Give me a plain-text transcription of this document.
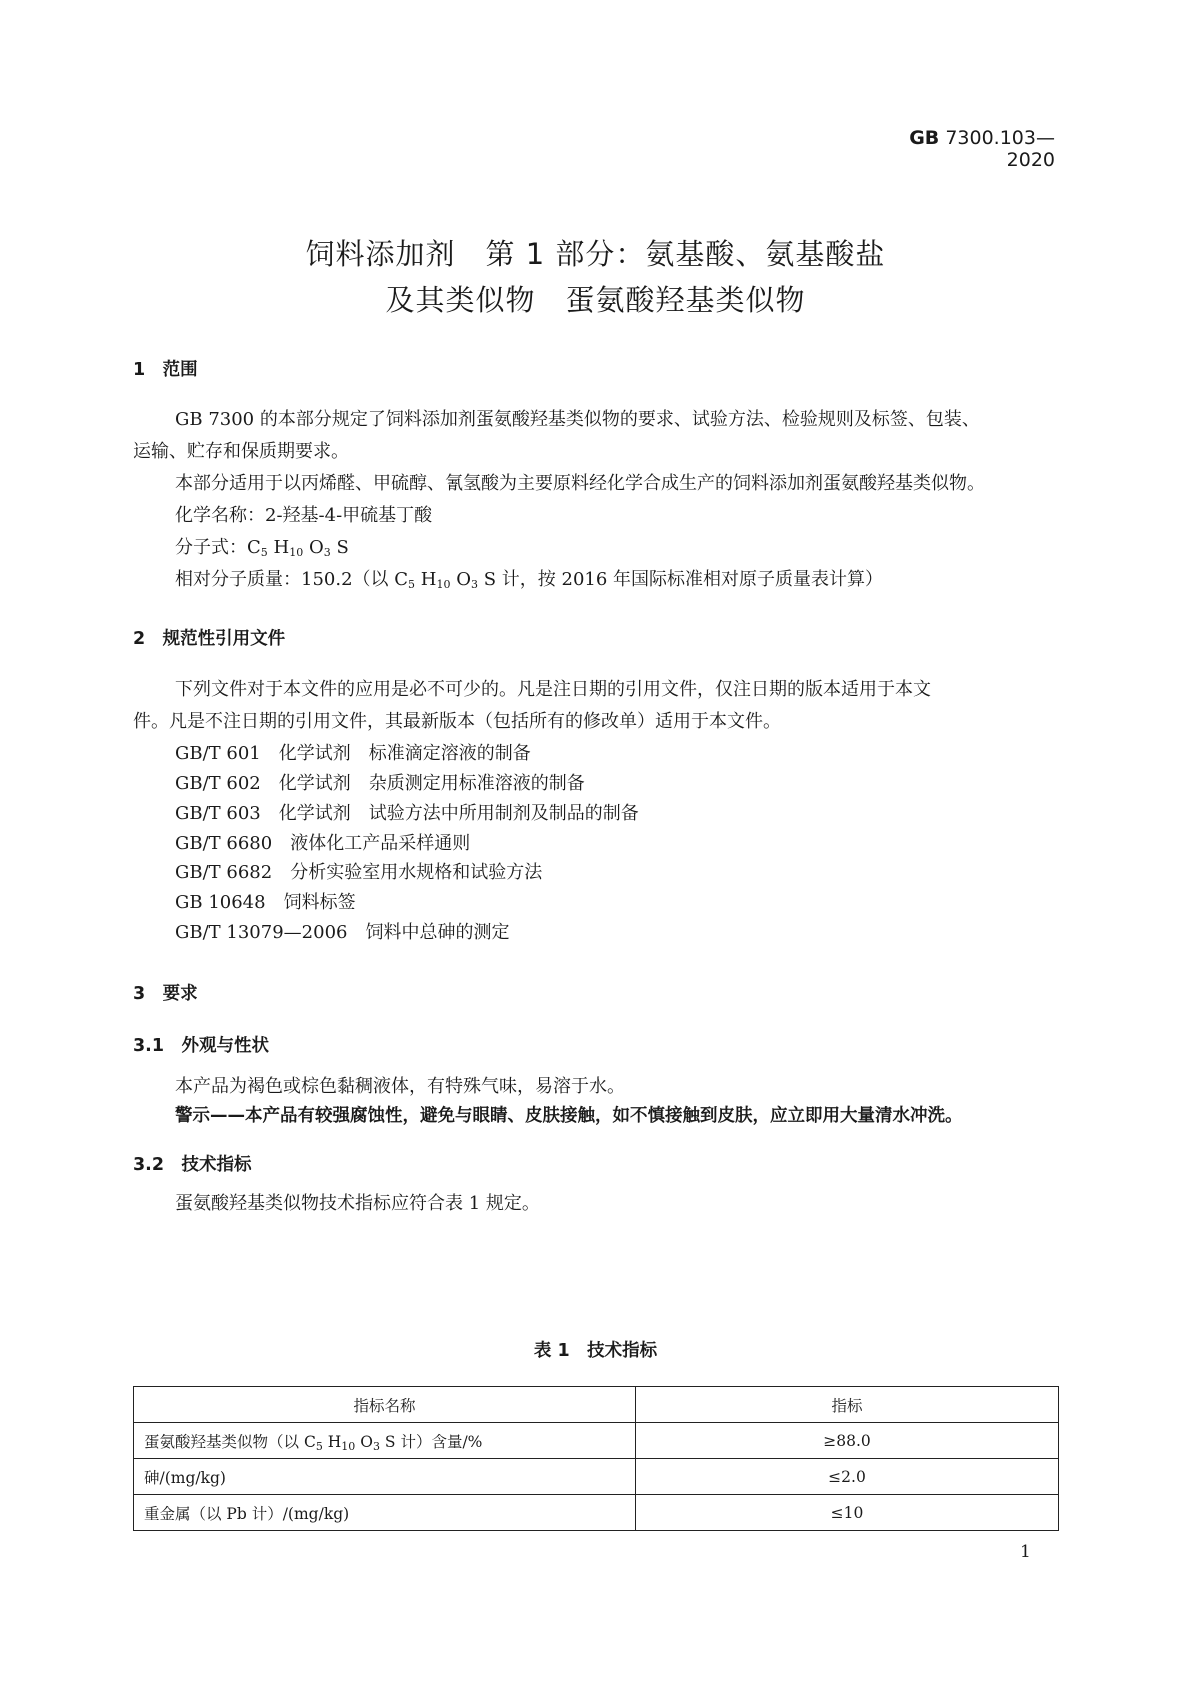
GB 7300.103—2020
饲料添加剂　第 1 部分：氨基酸、氨基酸盐
及其类似物　蛋氨酸羟基类似物
1　范围
GB 7300 的本部分规定了饲料添加剂蛋氨酸羟基类似物的要求、试验方法、检验规则及标签、包装、
运输、贮存和保质期要求。
本部分适用于以丙烯醛、甲硫醇、氰氢酸为主要原料经化学合成生产的饲料添加剂蛋氨酸羟基类似物。
化学名称：2-羟基-4-甲硫基丁酸
分子式：$C_5$ $H_{10}$ $O_3$ S
相对分子质量：150.2（以 $C_5$ $H_{10}$ $O_3$ S 计，按 2016 年国际标准相对原子质量表计算）
2　规范性引用文件
下列文件对于本文件的应用是必不可少的。凡是注日期的引用文件，仅注日期的版本适用于本文
件。凡是不注日期的引用文件，其最新版本（包括所有的修改单）适用于本文件。
GB/T 601　化学试剂　标准滴定溶液的制备
GB/T 602　化学试剂　杂质测定用标准溶液的制备
GB/T 603　化学试剂　试验方法中所用制剂及制品的制备
GB/T 6680　液体化工产品采样通则
GB/T 6682　分析实验室用水规格和试验方法
GB 10648　饲料标签
GB/T 13079—2006　饲料中总砷的测定
3　要求
3.1　外观与性状
本产品为褐色或棕色黏稠液体，有特殊气味，易溶于水。
警示——本产品有较强腐蚀性，避免与眼睛、皮肤接触，如不慎接触到皮肤，应立即用大量清水冲洗。
3.2　技术指标
蛋氨酸羟基类似物技术指标应符合表 1 规定。
表 1　技术指标
指标名称	指标
蛋氨酸羟基类似物（以 $C_5$ $H_{10}$ $O_3$ S 计）含量/%	≥88.0
砷/(mg/kg)	≤2.0
重金属（以 Pb 计）/(mg/kg)	≤10
1
